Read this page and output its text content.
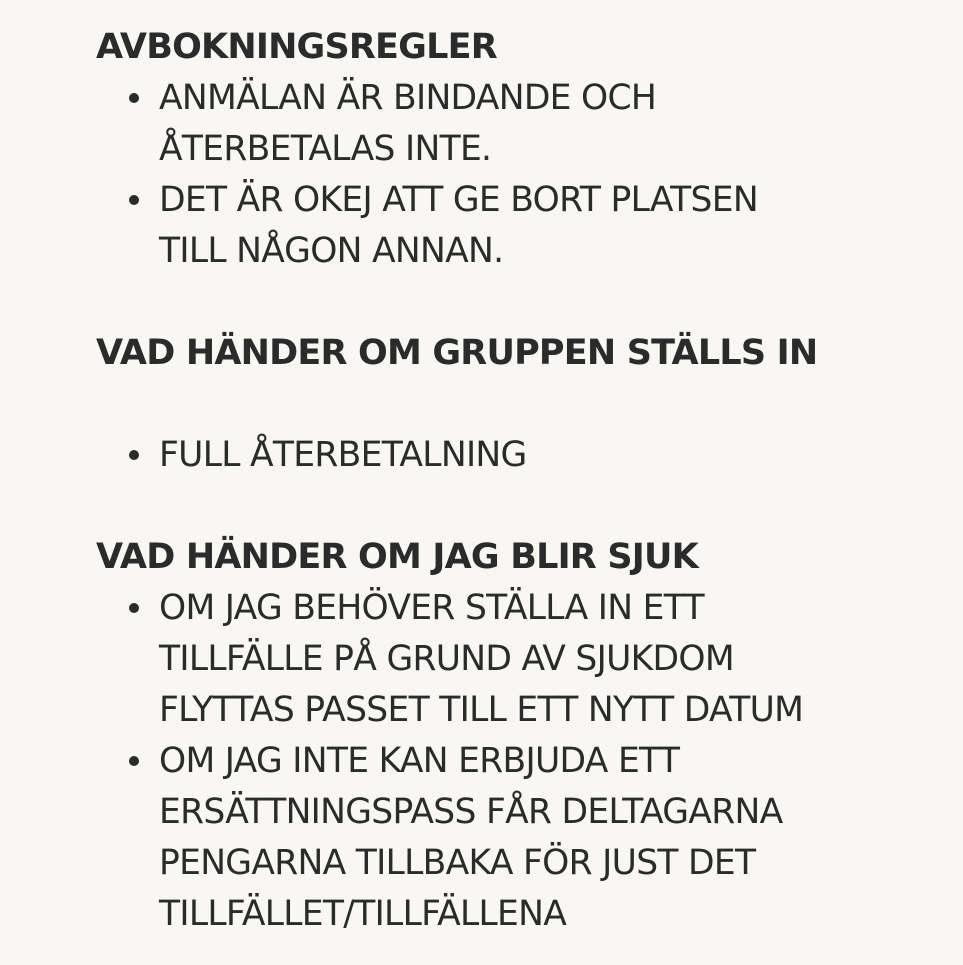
AVBOKNINGSREGLER
ANMÄLAN ÄR BINDANDE OCH
ÅTERBETALAS INTE.
DET ÄR OKEJ ATT GE BORT PLATSEN
TILL NÅGON ANNAN.
VAD HÄNDER OM GRUPPEN STÄLLS IN
FULL ÅTERBETALNING
VAD HÄNDER OM JAG BLIR SJUK
OM JAG BEHÖVER STÄLLA IN ETT
TILLFÄLLE PÅ GRUND AV SJUKDOM
FLYTTAS PASSET TILL ETT NYTT DATUM
OM JAG INTE KAN ERBJUDA ETT
ERSÄTTNINGSPASS FÅR DELTAGARNA
PENGARNA TILLBAKA FÖR JUST DET
TILLFÄLLET/TILLFÄLLENA
